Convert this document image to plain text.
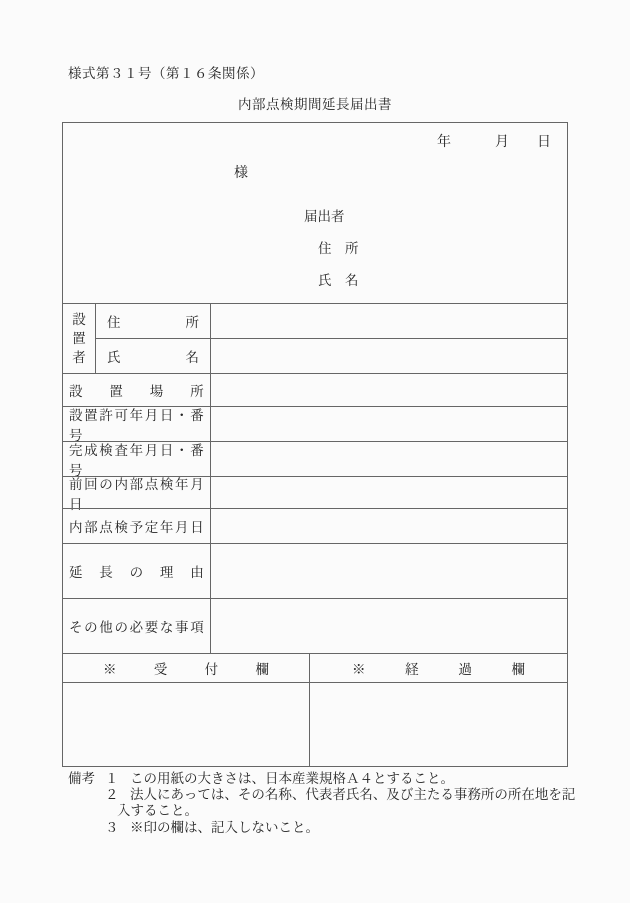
様式第３１号（第１６条関係）
内部点検期間延長届出書
年	月 日
様
届出者
住　所
氏　名
設
置
者
住所
氏名
設置場所
設置許可年月日・番号
完成検査年月日・番号
前回の内部点検年月日
内部点検予定年月日
延長の理由
その他の必要な事項
※受付欄	※経過欄
備考 １ この用紙の大きさは、日本産業規格Ａ４とすること。
２ 法人にあっては、その名称、代表者氏名、及び主たる事務所の所在地を記
入すること。
３ ※印の欄は、記入しないこと。
